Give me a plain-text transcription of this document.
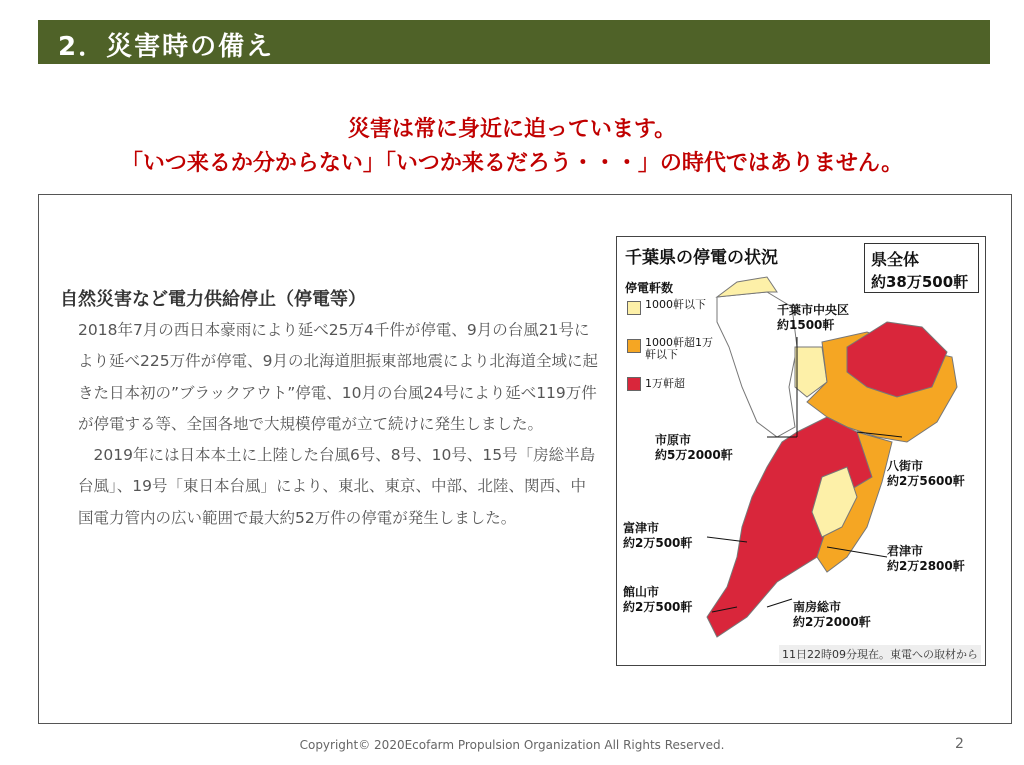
2．災害時の備え
災害は常に身近に迫っています。
「いつ来るか分からない」「いつか来るだろう・・・」の時代ではありません。
自然災害など電力供給停止（停電等）

2018年7月の西日本豪雨により延べ25万4千件が停電、9月の台風21号により延べ225万件が停電、9月の北海道胆振東部地震により北海道全域に起きた日本初の”ブラックアウト”停電、10月の台風24号により延べ119万件が停電する等、全国各地で大規模停電が立て続けに発生しました。

2019年には日本本土に上陸した台風6号、8号、10号、15号「房総半島台風」、19号「東日本台風」により、東北、東京、中部、北陸、関西、中国電力管内の広い範囲で最大約52万件の停電が発生しました。

千葉県の停電の状況	県全体
約38万500軒
停電軒数
1000軒以下
1000軒超1万軒以下
1万軒超
千葉市中央区
約1500軒
市原市
約5万2000軒
八街市
約2万5600軒
富津市
約2万500軒
君津市
約2万2800軒
館山市
約2万500軒	南房総市
約2万2000軒
11日22時09分現在。東電への取材から
Copyright© 2020Ecofarm Propulsion Organization All Rights Reserved.	2
